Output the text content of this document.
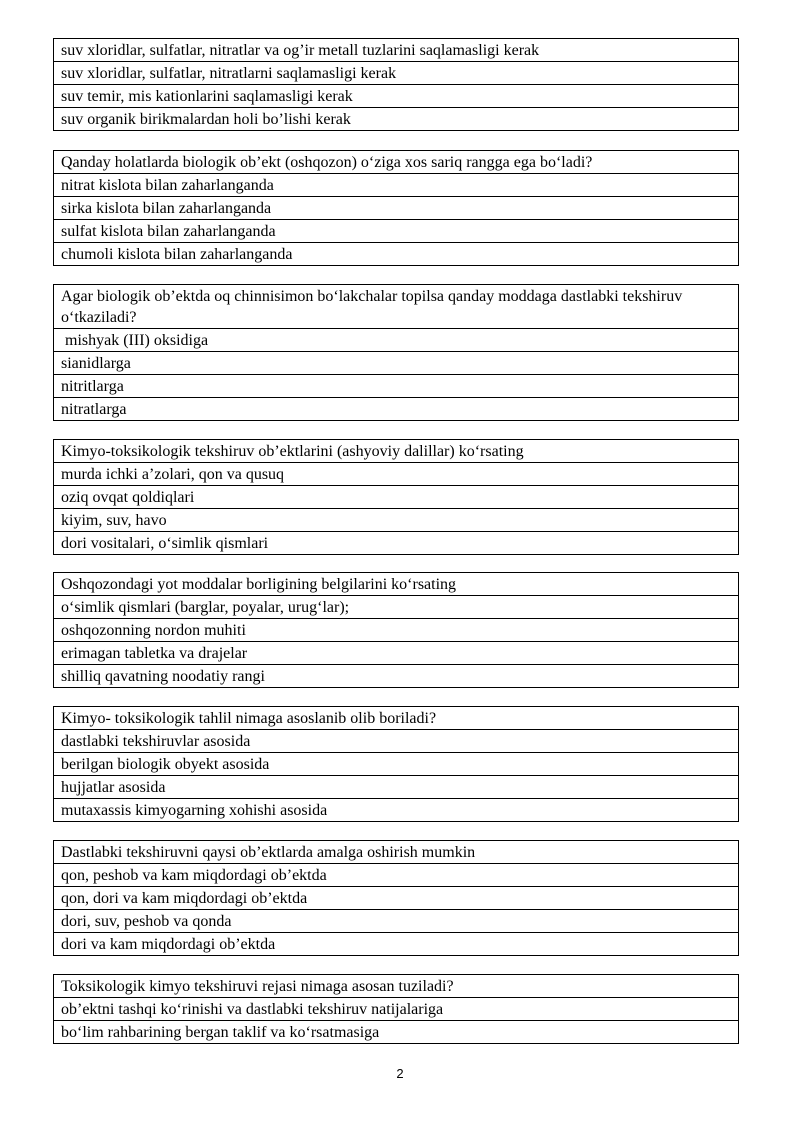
suv xloridlar, sulfatlar, nitratlar va og’ir metall tuzlarini saqlamasligi kerak
suv xloridlar, sulfatlar, nitratlarni saqlamasligi kerak
suv temir, mis kationlarini saqlamasligi kerak
suv organik birikmalardan holi bo’lishi kerak
Qanday holatlarda biologik ob’ekt (oshqozon) o‘ziga xos sariq rangga ega bo‘ladi?
nitrat kislota bilan zaharlanganda
sirka kislota bilan zaharlanganda
sulfat kislota bilan zaharlanganda
chumoli kislota bilan zaharlanganda
Agar biologik ob’ektda oq chinnisimon bo‘lakchalar topilsa qanday moddaga dastlabki tekshiruv o‘tkaziladi?
mishyak (III) oksidiga
sianidlarga
nitritlarga
nitratlarga
Kimyo-toksikologik tekshiruv ob’ektlarini (ashyoviy dalillar) ko‘rsating
murda ichki a’zolari, qon va qusuq
oziq ovqat qoldiqlari
kiyim, suv, havo
dori vositalari, o‘simlik qismlari
Oshqozondagi yot moddalar borligining belgilarini ko‘rsating
o‘simlik qismlari (barglar, poyalar, urug‘lar);
oshqozonning nordon muhiti
erimagan tabletka va drajelar
shilliq qavatning noodatiy rangi
Kimyo- toksikologik tahlil nimaga asoslanib olib boriladi?
dastlabki tekshiruvlar asosida
berilgan biologik obyekt asosida
hujjatlar asosida
mutaxassis kimyogarning xohishi asosida
Dastlabki tekshiruvni qaysi ob’ektlarda amalga oshirish mumkin
qon, peshob va kam miqdordagi ob’ektda
qon, dori va kam miqdordagi ob’ektda
dori, suv, peshob va qonda
dori va kam miqdordagi ob’ektda
Toksikologik kimyo tekshiruvi rejasi nimaga asosan tuziladi?
ob’ektni tashqi ko‘rinishi va dastlabki tekshiruv natijalariga
bo‘lim rahbarining bergan taklif va ko‘rsatmasiga
2
